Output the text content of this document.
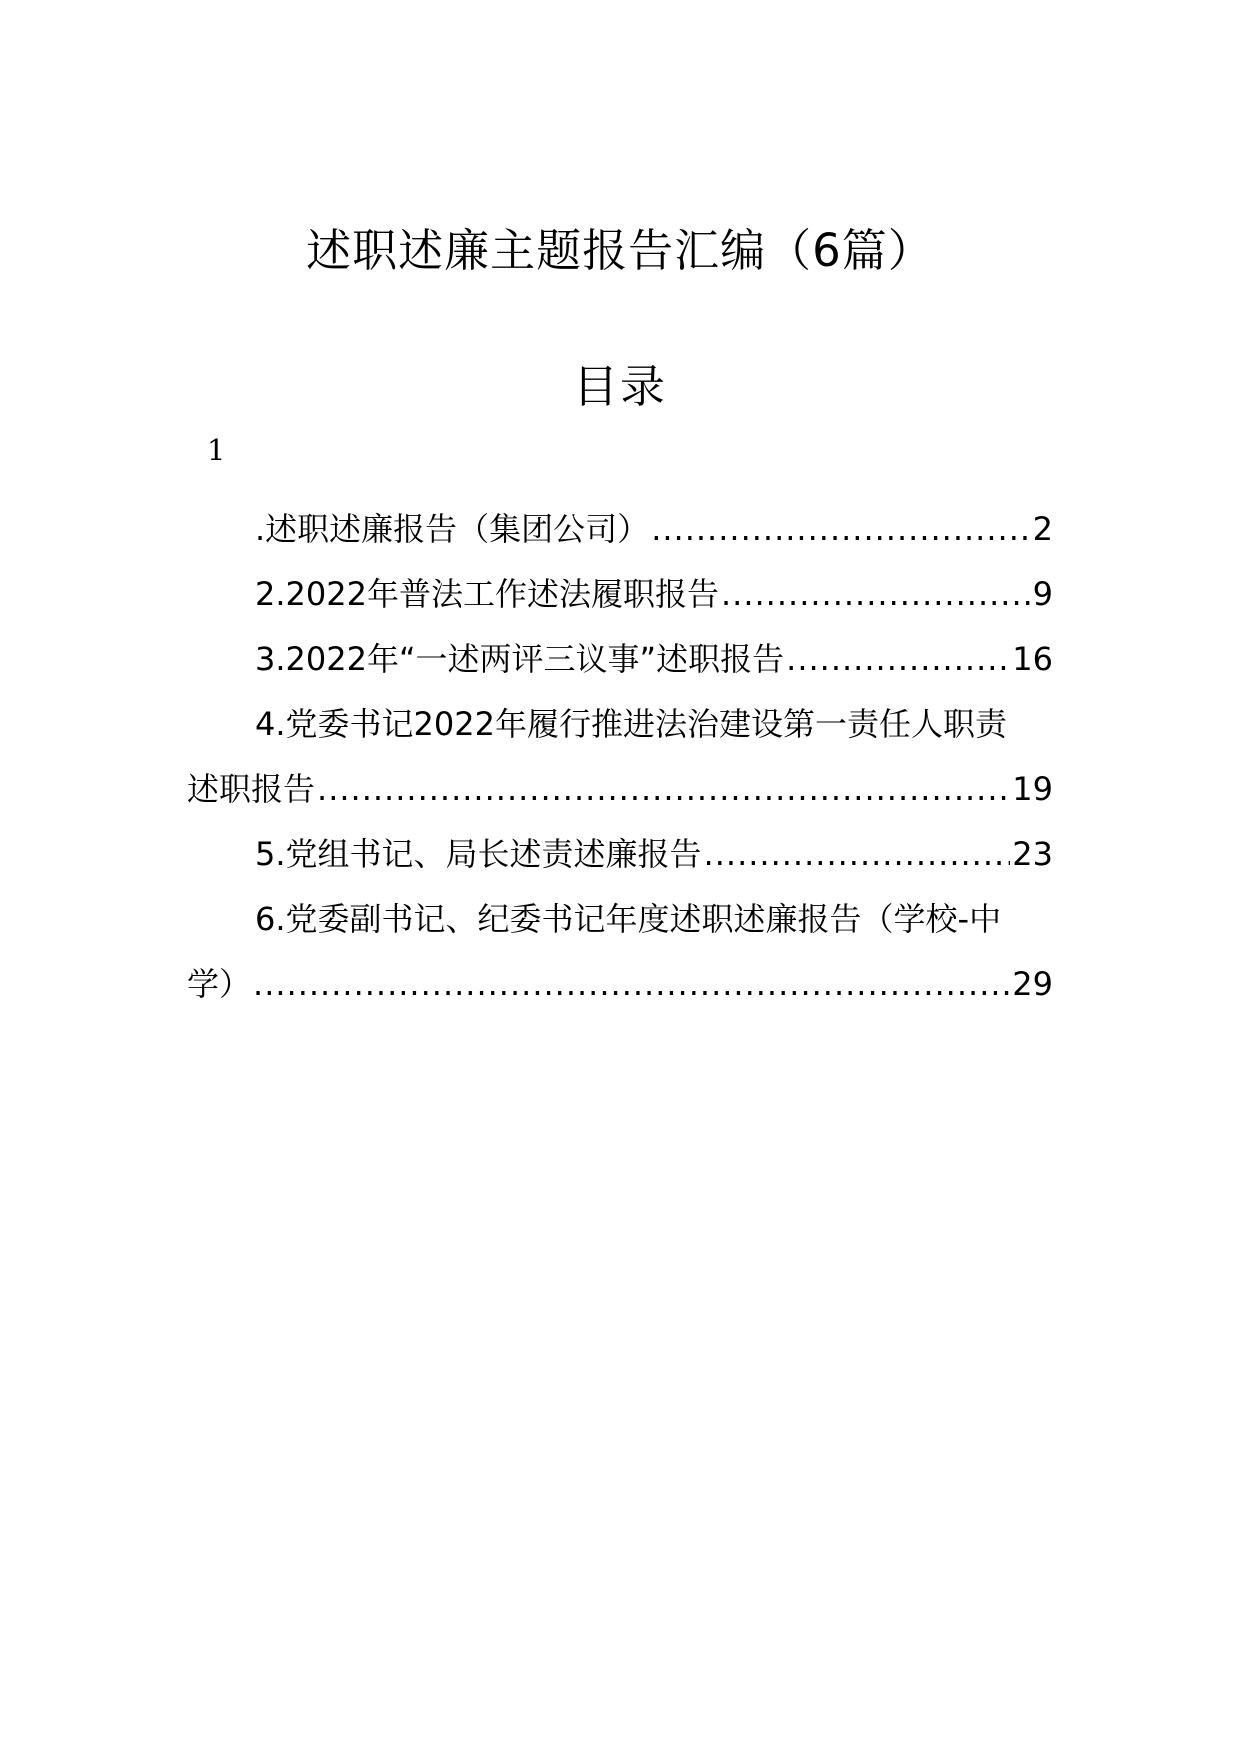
述职述廉主题报告汇编（6篇）
目录
1
.述职述廉报告（集团公司） .....	2
2.2022年普法工作述法履职报告 .....	9
3.2022年“一述两评三议事”述职报告 .....	16
4.党委书记2022年履行推进法治建设第一责任人职责
述职报告 .....	19
5.党组书记、局长述责述廉报告 .....	23
6.党委副书记、纪委书记年度述职述廉报告（学校-中
学） .....	29
